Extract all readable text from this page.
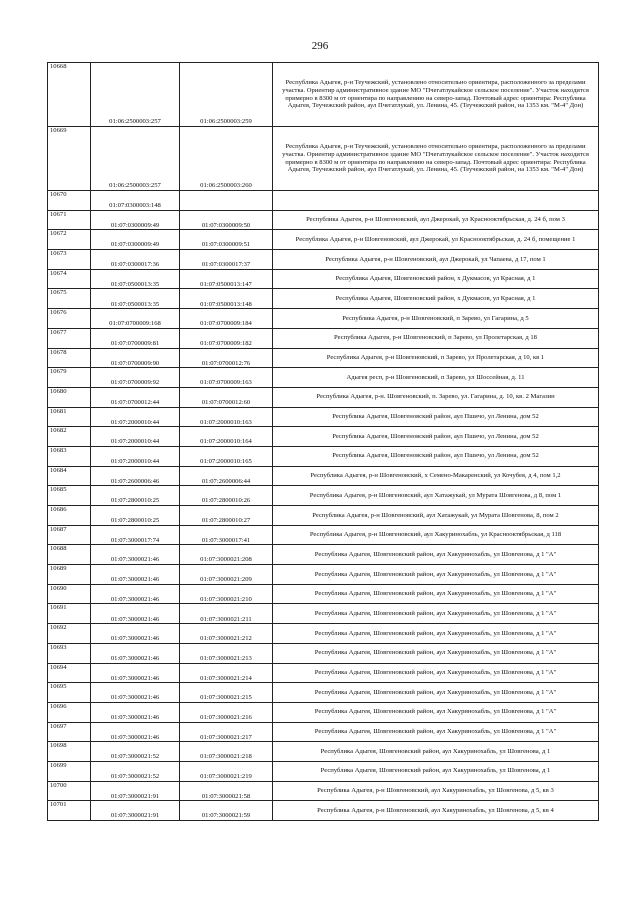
296
10668	01:06:2500003:257	01:06:2500003:259	Республика Адыгея, р-н Теучежский, установлено относительно ориентира, расположенного за пределами участка. Ориентир административное здание МО "Пчегатлукайское сельское поселение". Участок находится примерно в 8300 м от ориентира по направлению на северо-запад. Почтовый адрес ориентира: Республика Адыгея, Теучежский район, аул Пчегатлукай, ул. Ленина, 45. (Теучежский район, на 1353 км. "М-4" Дон)
10669	01:06:2500003:257	01:06:2500003:260	Республика Адыгея, р-н Теучежский, установлено относительно ориентира, расположенного за пределами участка. Ориентир административное здание МО "Пчегатлукайское сельское поселение". Участок находится примерно в 8300 м от ориентира по направлению на северо-запад. Почтовый адрес ориентира: Республика Адыгея, Теучежский район, аул Пчегатлукай, ул. Ленина, 45. (Теучежский район, на 1353 км. "М-4" Дон)
10670	01:07:0300003:148		
10671	01:07:0300009:49	01:07:0300009:50	Республика Адыгея, р-н Шовгеновский, аул Джерокай, ул Краснооктябрьская, д. 24 б, пом 3
10672	01:07:0300009:49	01:07:0300009:51	Республика Адыгея, р-н Шовгеновский, аул Джерокай, ул Краснооктябрьская, д. 24 б, помещение 1
10673	01:07:0300017:36	01:07:0300017:37	Республика Адыгея, р-н Шовгеновский, аул Джерокай, ул Чапаева, д 17, пом 1
10674	01:07:0500013:35	01:07:0500013:147	Республика Адыгея, Шовгеновский район, х Дукмасов, ул Красная, д 1
10675	01:07:0500013:35	01:07:0500013:148	Республика Адыгея, Шовгеновский район, х Дукмасов, ул Красная, д 1
10676	01:07:0700009:168	01:07:0700009:184	Республика Адыгея, р-н Шовгеновский, п Зарево, ул Гагарина, д 5
10677	01:07:0700009:81	01:07:0700009:182	Республика Адыгея, р-н Шовгеновский, п Зарево, ул Пролетарская, д 18
10678	01:07:0700009:90	01:07:0700012:76	Республика Адыгея, р-н Шовгеновский, п Зарево, ул Пролетарская, д 10, кв 1
10679	01:07:0700009:92	01:07:0700009:163	Адыгея респ, р-н Шовгеновский, п Зарево, ул Шоссейная, д. 11
10680	01:07:0700012:44	01:07:0700012:60	Республика Адыгея, р-н. Шовгеновский, п. Зарево, ул. Гагарина, д. 10, кв. 2 Магазин
10681	01:07:2000010:44	01:07:2000010:163	Республика Адыгея, Шовгеновский район, аул Пшичо, ул Ленина, дом 52
10682	01:07:2000010:44	01:07:2000010:164	Республика Адыгея, Шовгеновский район, аул Пшичо, ул Ленина, дом 52
10683	01:07:2000010:44	01:07:2000010:165	Республика Адыгея, Шовгеновский район, аул Пшичо, ул Ленина, дом 52
10684	01:07:2600006:46	01:07:2600006:44	Республика Адыгея, р-н Шовгеновский, х Семено-Макаренский, ул Кочубея, д 4, пом 1,2
10685	01:07:2800010:25	01:07:2800010:26	Республика Адыгея, р-н Шовгеновский, аул Хатажукай, ул Мурата Шовгенова, д 8, пом 1
10686	01:07:2800010:25	01:07:2800010:27	Республика Адыгея, р-н Шовгеновский, аул Хатажукай, ул Мурата Шовгенова, 8, пом 2
10687	01:07:3000017:74	01:07:3000017:41	Республика Адыгея, р-н Шовгеновский, аул Хакуринохабль, ул Краснооктябрьская, д 118
10688	01:07:3000021:46	01:07:3000021:208	Республика Адыгея, Шовгеновский район, аул Хакуринохабль, ул Шовгенова, д 1 "А"
10689	01:07:3000021:46	01:07:3000021:209	Республика Адыгея, Шовгеновский район, аул Хакуринохабль, ул Шовгенова, д 1 "А"
10690	01:07:3000021:46	01:07:3000021:210	Республика Адыгея, Шовгеновский район, аул Хакуринохабль, ул Шовгенова, д 1 "А"
10691	01:07:3000021:46	01:07:3000021:211	Республика Адыгея, Шовгеновский район, аул Хакуринохабль, ул Шовгенова, д 1 "А"
10692	01:07:3000021:46	01:07:3000021:212	Республика Адыгея, Шовгеновский район, аул Хакуринохабль, ул Шовгенова, д 1 "А"
10693	01:07:3000021:46	01:07:3000021:213	Республика Адыгея, Шовгеновский район, аул Хакуринохабль, ул Шовгенова, д 1 "А"
10694	01:07:3000021:46	01:07:3000021:214	Республика Адыгея, Шовгеновский район, аул Хакуринохабль, ул Шовгенова, д 1 "А"
10695	01:07:3000021:46	01:07:3000021:215	Республика Адыгея, Шовгеновский район, аул Хакуринохабль, ул Шовгенова, д 1 "А"
10696	01:07:3000021:46	01:07:3000021:216	Республика Адыгея, Шовгеновский район, аул Хакуринохабль, ул Шовгенова, д 1 "А"
10697	01:07:3000021:46	01:07:3000021:217	Республика Адыгея, Шовгеновский район, аул Хакуринохабль, ул Шовгенова, д 1 "А"
10698	01:07:3000021:52	01:07:3000021:218	Республика Адыгея, Шовгеновский район, аул Хакуринохабль, ул Шовгенова, д 1
10699	01:07:3000021:52	01:07:3000021:219	Республика Адыгея, Шовгеновский район, аул Хакуринохабль, ул Шовгенова, д 1
10700	01:07:3000021:91	01:07:3000021:58	Республика Адыгея, р-н Шовгеновский, аул Хакуринохабль, ул Шовгенова, д 5, кв 3
10701	01:07:3000021:91	01:07:3000021:59	Республика Адыгея, р-н Шовгеновский, аул Хакуринохабль, ул Шовгенова, д 5, кв 4
